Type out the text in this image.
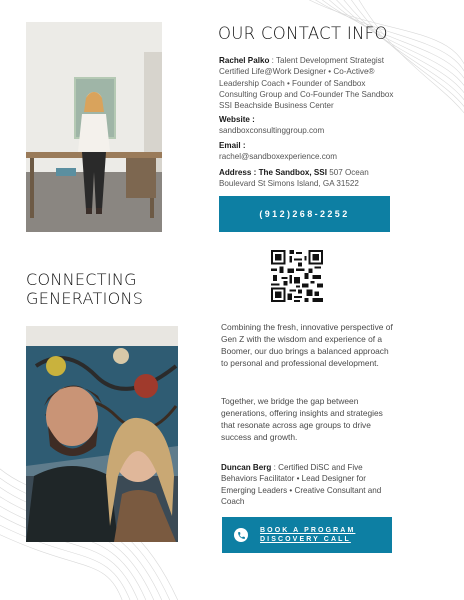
OUR CONTACT INFO

Rachel Palko : Talent Development Strategist Certified Life@Work Designer • Co-Active® Leadership Coach • Founder of Sandbox Consulting Group and Co-Founder The Sandbox SSI Beachside Business Center

Website :
sandboxconsultinggroup.com
Email :
rachel@sandboxexperience.com

Address : The Sandbox, SSI 507 Ocean Boulevard St Simons Island, GA 31522

(912)268-2252
CONNECTING
GENERATIONS

Combining the fresh, innovative perspective of Gen Z with the wisdom and experience of a Boomer, our duo brings a balanced approach to personal and professional development.

Together, we bridge the gap between generations, offering insights and strategies that resonate across age groups to drive success and growth.

Duncan Berg : Certified DiSC and Five Behaviors Facilitator • Lead Designer for Emerging Leaders • Creative Consultant and Coach

BOOK A PROGRAM
DISCOVERY CALL
